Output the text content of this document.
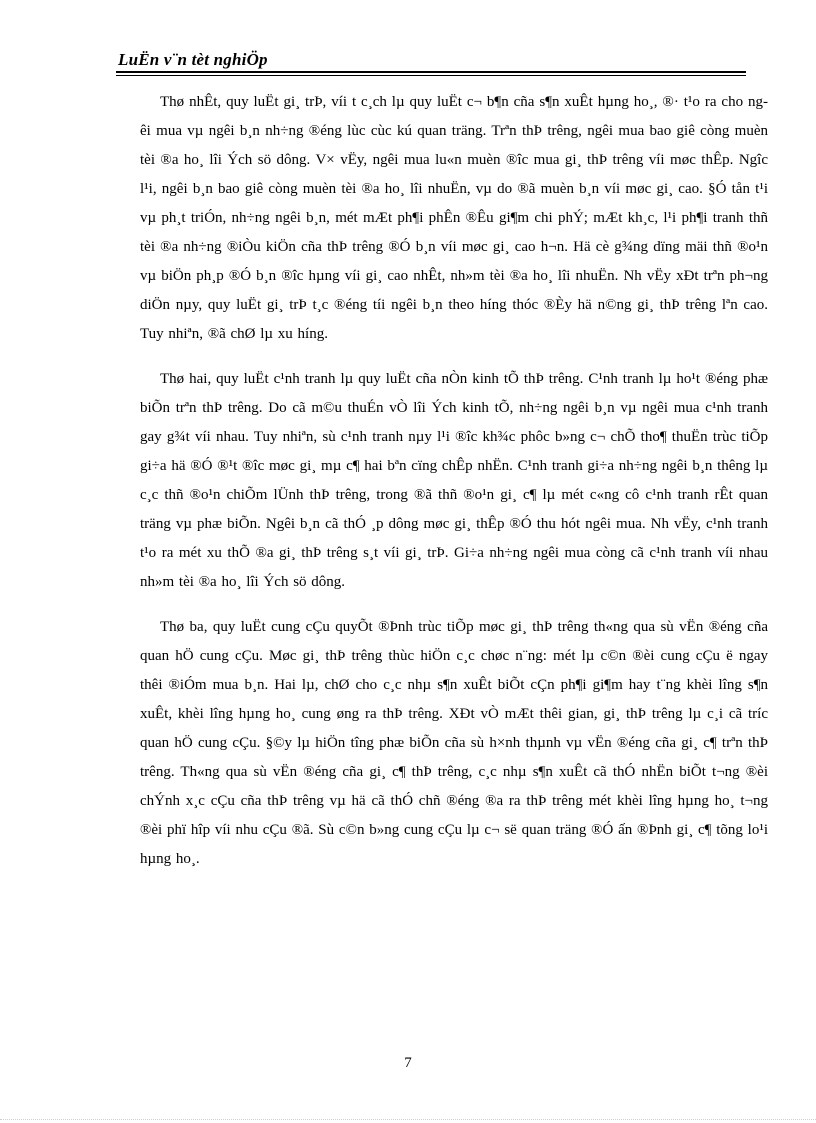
LuËn v¨n tèt nghiÖp

Thø nhÊt, quy luËt gi¸ trÞ, víi t c¸ch lµ quy luËt c¬ b¶n cña s¶n xuÊt hµng ho¸, ®· t¹o ra cho ngêi mua vµ ngêi b¸n nh÷ng ®éng lùc cùc kú quan träng. Trªn thÞ trêng, ngêi mua bao giê còng muèn tèi ®a ho¸ lîi Ých sö dông. V× vËy, ngêi mua lu«n muèn ®îc mua gi¸ thÞ trêng víi møc thÊp. Ngîc l¹i, ngêi b¸n bao giê còng muèn tèi ®a ho¸ lîi nhuËn, vµ do ®ã muèn b¸n víi møc gi¸ cao. §Ó tån t¹i vµ ph¸t triÓn, nh÷ng ngêi b¸n, mét mÆt ph¶i phÊn ®Êu gi¶m chi phÝ; mÆt kh¸c, l¹i ph¶i tranh thñ tèi ®a nh÷ng ®iÒu kiÖn cña thÞ trêng ®Ó b¸n víi møc gi¸ cao h¬n. Hä cè g¾ng dïng mäi thñ ®o¹n vµ biÖn ph¸p ®Ó b¸n ®îc hµng víi gi¸ cao nhÊt, nh»m tèi ®a ho¸ lîi nhuËn. Nh vËy xÐt trªn ph¬ng diÖn nµy, quy luËt gi¸ trÞ t¸c ®éng tíi ngêi b¸n theo híng thóc ®Èy hä n©ng gi¸ thÞ trêng lªn cao. Tuy nhiªn, ®ã chØ lµ xu híng.

Thø hai, quy luËt c¹nh tranh lµ quy luËt cña nÒn kinh tÕ thÞ trêng. C¹nh tranh lµ ho¹t ®éng phæ biÕn trªn thÞ trêng. Do cã m©u thuÉn vÒ lîi Ých kinh tÕ, nh÷ng ngêi b¸n vµ ngêi mua c¹nh tranh gay g¾t víi nhau. Tuy nhiªn, sù c¹nh tranh nµy l¹i ®îc kh¾c phôc b»ng c¬ chÕ tho¶ thuËn trùc tiÕp gi÷a hä ®Ó ®¹t ®îc møc gi¸ mµ c¶ hai bªn cïng chÊp nhËn. C¹nh tranh gi÷a nh÷ng ngêi b¸n thêng lµ c¸c thñ ®o¹n chiÕm lÜnh thÞ trêng, trong ®ã thñ ®o¹n gi¸ c¶ lµ mét c«ng cô c¹nh tranh rÊt quan träng vµ phæ biÕn. Ngêi b¸n cã thÓ ¸p dông møc gi¸ thÊp ®Ó thu hót ngêi mua. Nh vËy, c¹nh tranh t¹o ra mét xu thÕ ®a gi¸ thÞ trêng s¸t víi gi¸ trÞ. Gi÷a nh÷ng ngêi mua còng cã c¹nh tranh víi nhau nh»m tèi ®a ho¸ lîi Ých sö dông.

Thø ba, quy luËt cung cÇu quyÕt ®Þnh trùc tiÕp møc gi¸ thÞ trêng th«ng qua sù vËn ®éng cña quan hÖ cung cÇu. Møc gi¸ thÞ trêng thùc hiÖn c¸c chøc n¨ng: mét lµ c©n ®èi cung cÇu ë ngay thêi ®iÓm mua b¸n. Hai lµ, chØ cho c¸c nhµ s¶n xuÊt biÕt cÇn ph¶i gi¶m hay t¨ng khèi lîng s¶n xuÊt, khèi lîng hµng ho¸ cung øng ra thÞ trêng. XÐt vÒ mÆt thêi gian, gi¸ thÞ trêng lµ c¸i cã tríc quan hÖ cung cÇu. §©y lµ hiÖn tîng phæ biÕn cña sù h×nh thµnh vµ vËn ®éng cña gi¸ c¶ trªn thÞ trêng. Th«ng qua sù vËn ®éng cña gi¸ c¶ thÞ trêng, c¸c nhµ s¶n xuÊt cã thÓ nhËn biÕt t¬ng ®èi chÝnh x¸c cÇu cña thÞ trêng vµ hä cã thÓ chñ ®éng ®a ra thÞ trêng mét khèi lîng hµng ho¸ t¬ng ®èi phï hîp víi nhu cÇu ®ã. Sù c©n b»ng cung cÇu lµ c¬ së quan träng ®Ó ấn ®Þnh gi¸ c¶ tõng lo¹i hµng ho¸.

7
